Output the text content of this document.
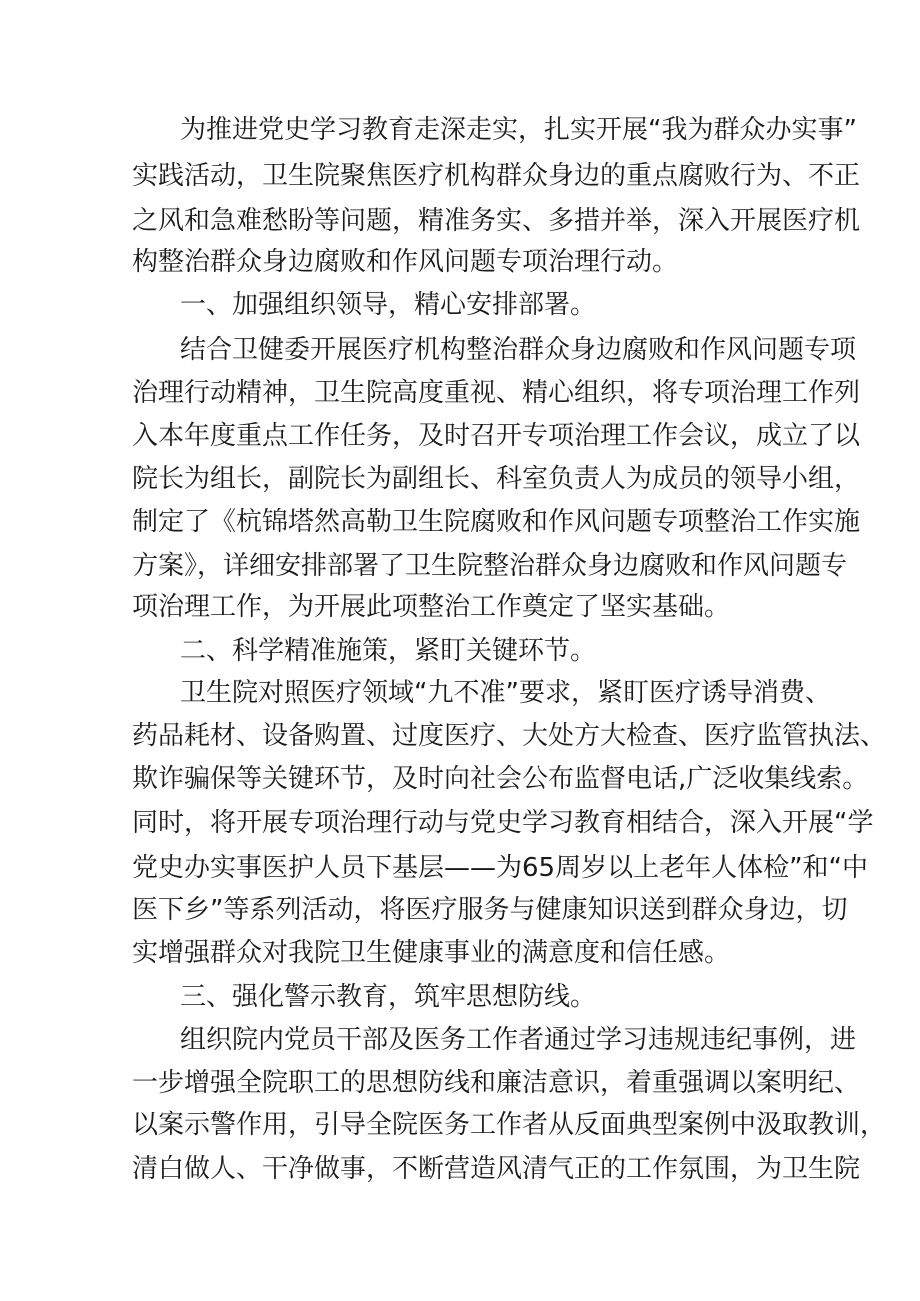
为推进党史学习教育走深走实，扎实开展“我为群众办实事”
实践活动，卫生院聚焦医疗机构群众身边的重点腐败行为、不正
之风和急难愁盼等问题，精准务实、多措并举，深入开展医疗机
构整治群众身边腐败和作风问题专项治理行动。
一、加强组织领导，精心安排部署。
结合卫健委开展医疗机构整治群众身边腐败和作风问题专项
治理行动精神，卫生院高度重视、精心组织，将专项治理工作列
入本年度重点工作任务，及时召开专项治理工作会议，成立了以
院长为组长，副院长为副组长、科室负责人为成员的领导小组，
制定了《杭锦塔然高勒卫生院腐败和作风问题专项整治工作实施
方案》，详细安排部署了卫生院整治群众身边腐败和作风问题专
项治理工作，为开展此项整治工作奠定了坚实基础。
二、科学精准施策，紧盯关键环节。
卫生院对照医疗领域“九不准”要求，紧盯医疗诱导消费、
药品耗材、设备购置、过度医疗、大处方大检查、医疗监管执法、
欺诈骗保等关键环节，及时向社会公布监督电话,广泛收集线索。
同时，将开展专项治理行动与党史学习教育相结合，深入开展“学
党史办实事医护人员下基层——为65周岁以上老年人体检”和“中
医下乡”等系列活动，将医疗服务与健康知识送到群众身边，切
实增强群众对我院卫生健康事业的满意度和信任感。
三、强化警示教育，筑牢思想防线。
组织院内党员干部及医务工作者通过学习违规违纪事例，进
一步增强全院职工的思想防线和廉洁意识，着重强调以案明纪、
以案示警作用，引导全院医务工作者从反面典型案例中汲取教训，
清白做人、干净做事，不断营造风清气正的工作氛围，为卫生院
